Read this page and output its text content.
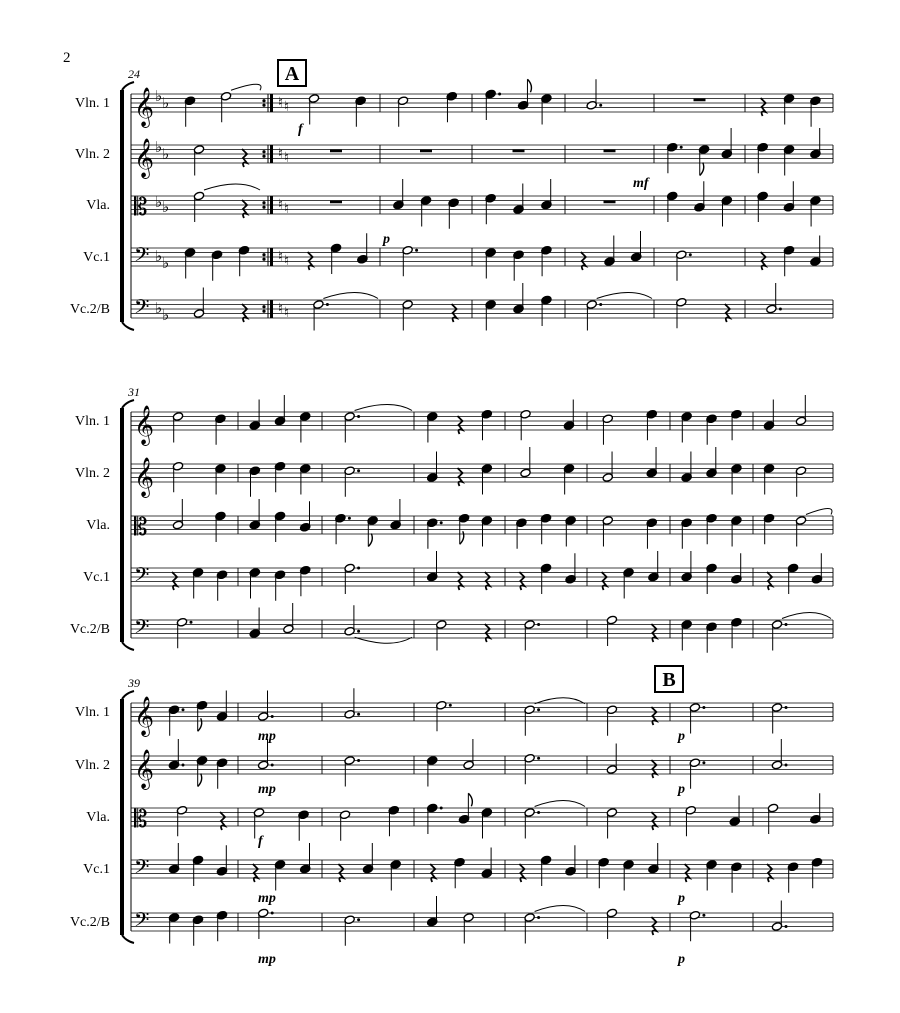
2
A
24
Vln. 1 𝄞 ♭ ♭
Vln. 2 𝄞 ♭ ♭
Vla. 𝄡 ♭ ♭
Vc.1 𝄢 ♭ ♭
Vc.2/B 𝄢 ♭ ♭
♮ ♮
♮ ♮
♮ ♮
♮ ♮
♮ ♮
31
Vln. 1 𝄞
Vln. 2 𝄞
Vla. 𝄡
Vc.1 𝄢
Vc.2/B 𝄢
B
39
Vln. 1 𝄞
Vln. 2 𝄞
Vla. 𝄡
Vc.1 𝄢
Vc.2/B 𝄢
f
p
mf
mp
mp
f
mp
mp
p
p
p
p
